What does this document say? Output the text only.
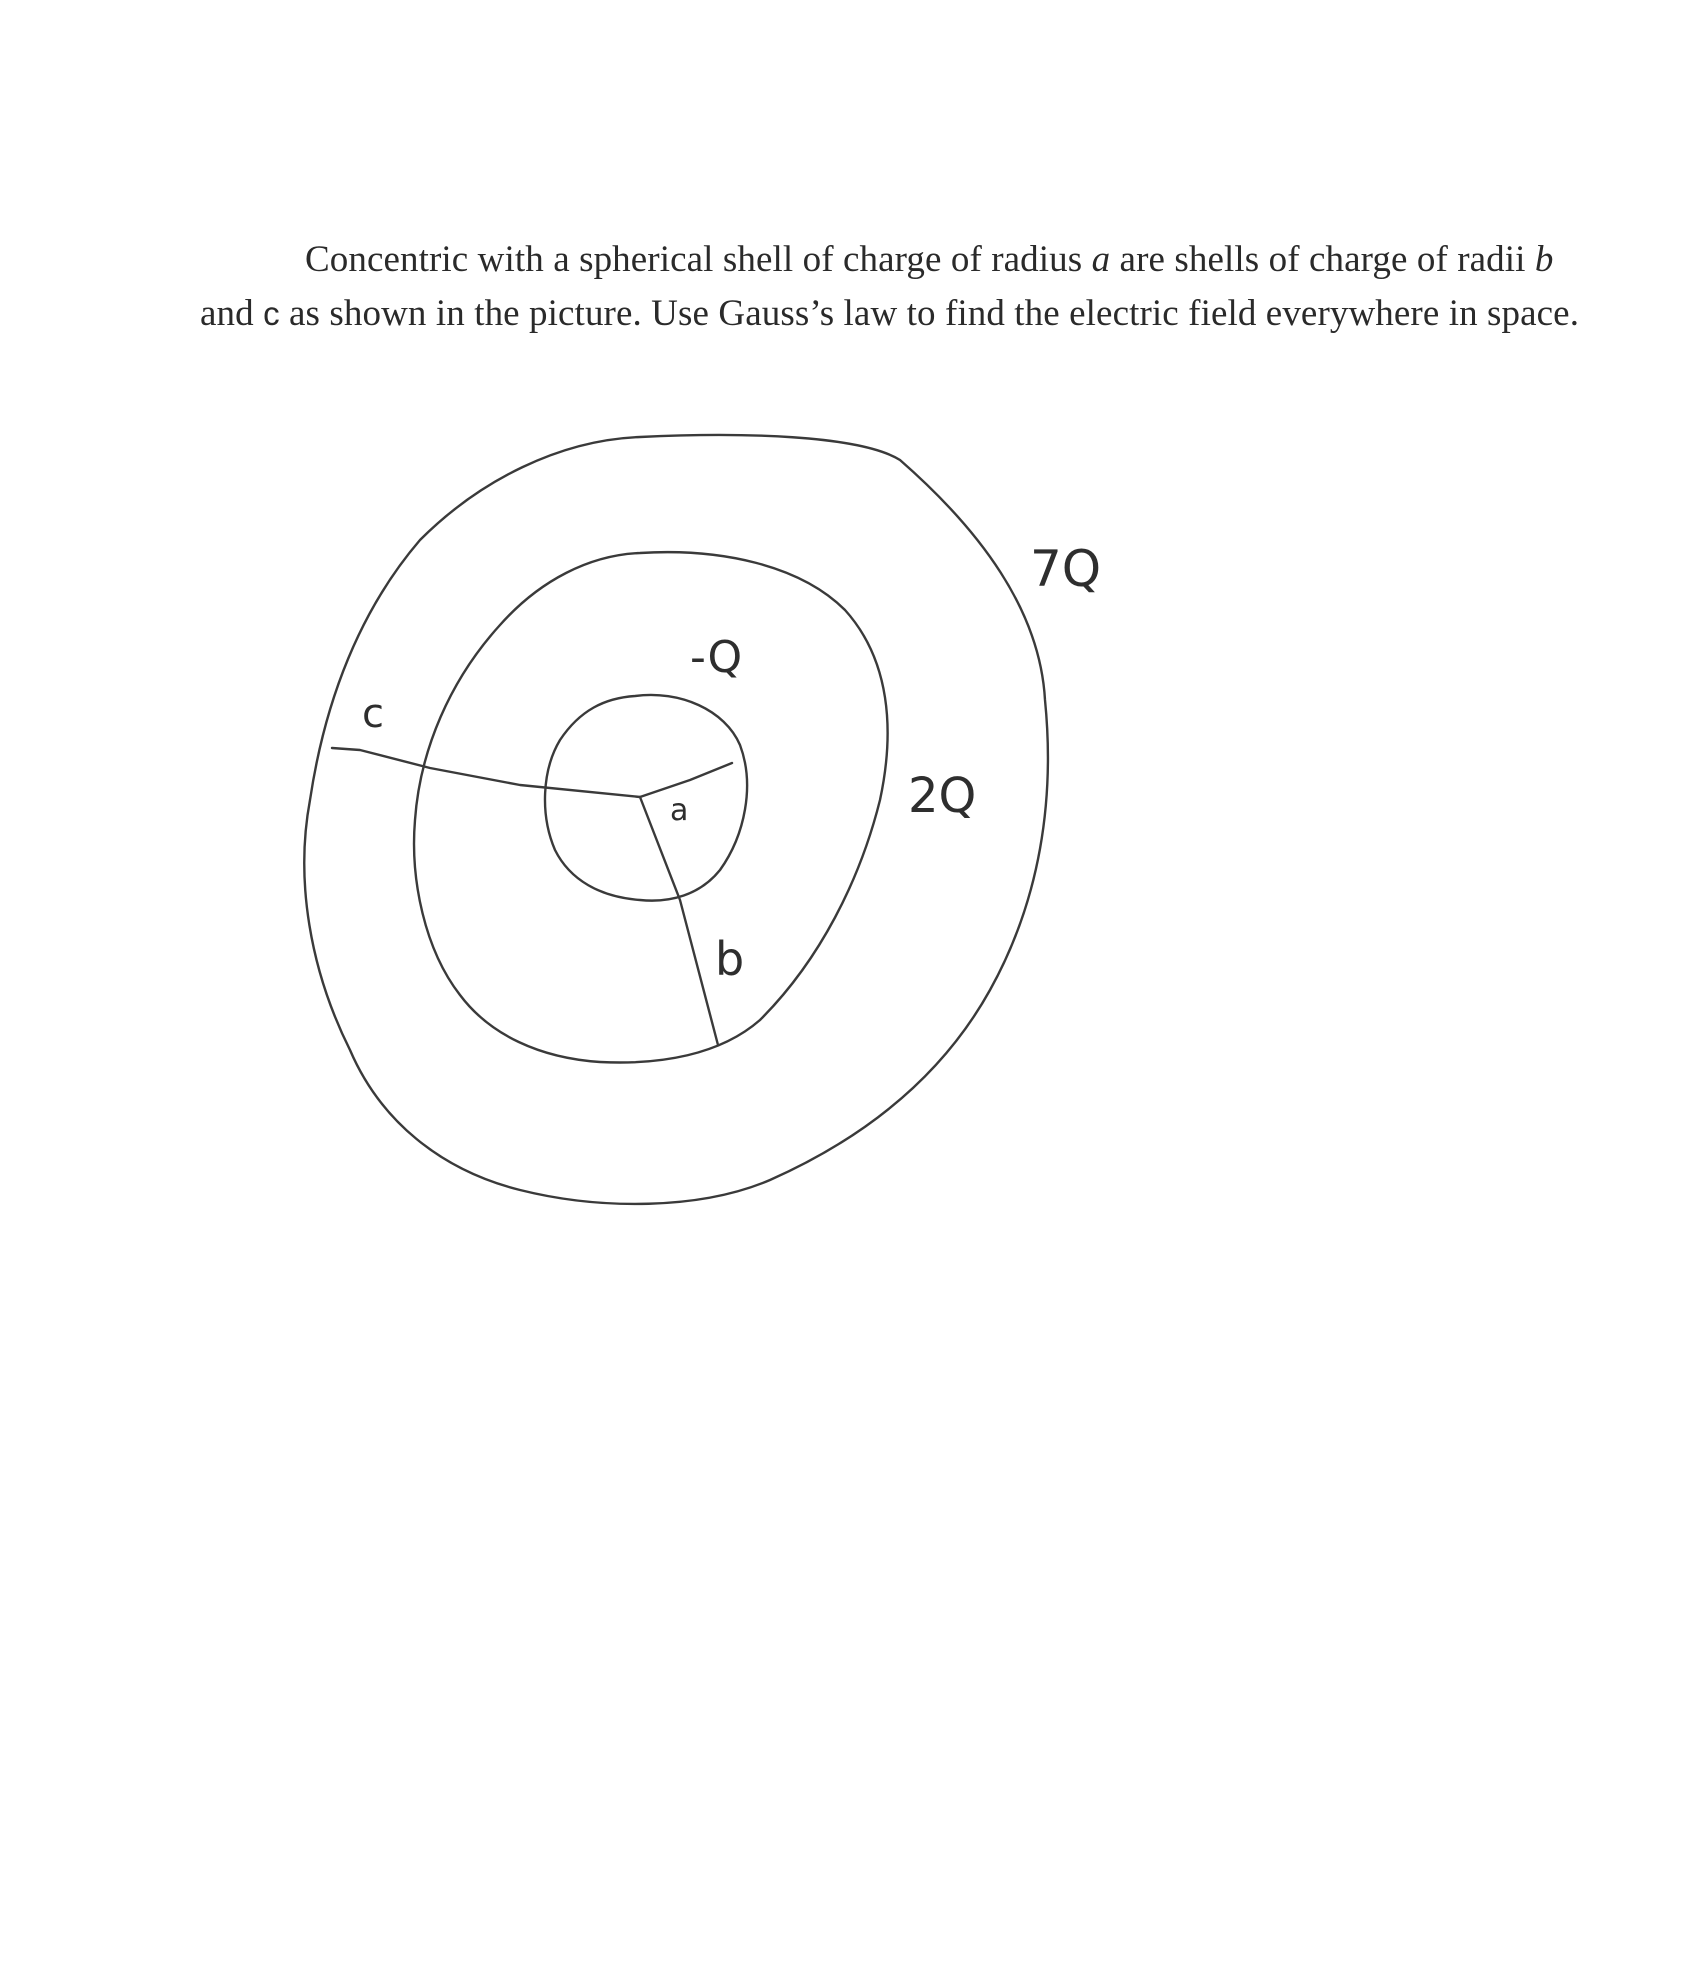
Concentric with a spherical shell of charge of radius a are shells of charge of radii b
and c as shown in the picture. Use Gauss’s law to find the electric field everywhere in space.
a
b
c
-Q
2Q
7Q
